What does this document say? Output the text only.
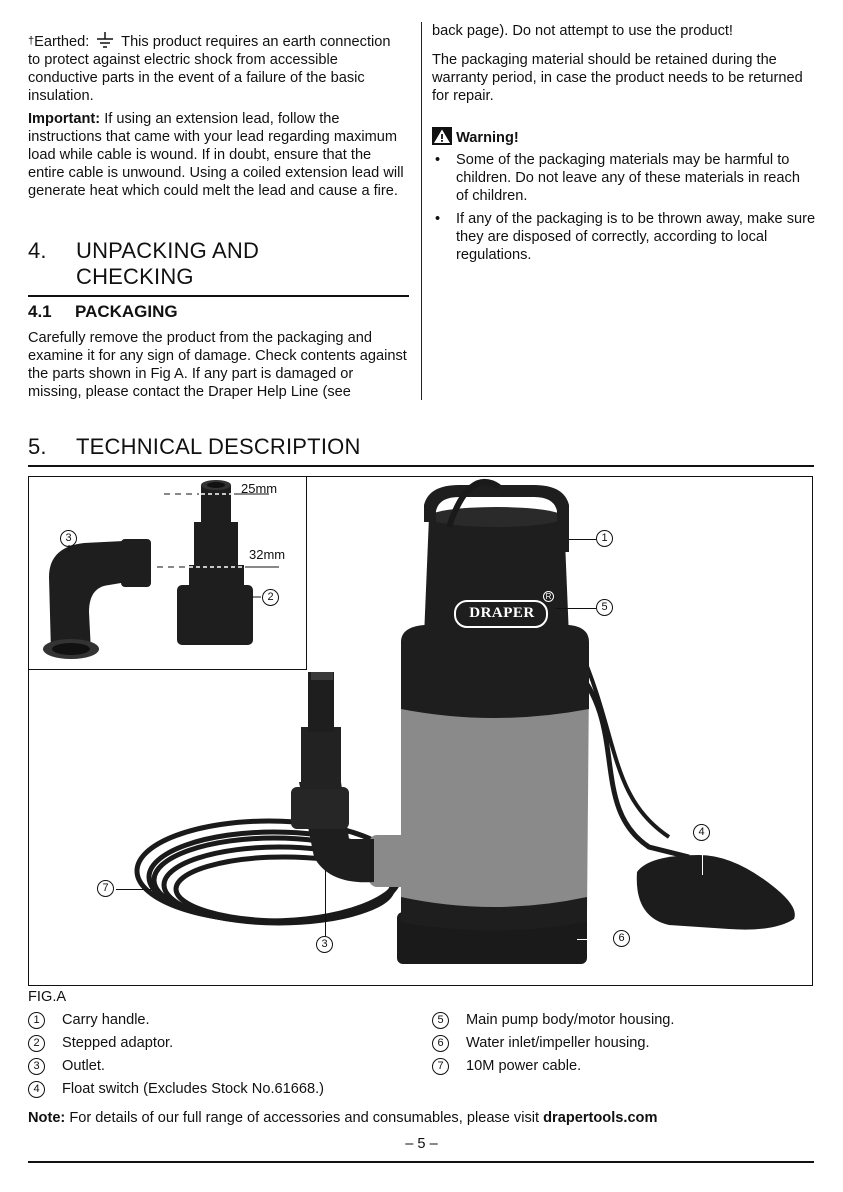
†Earthed: This product requires an earth connection to protect against electric shock from accessible conductive parts in the event of a failure of the basic insulation.

Important: If using an extension lead, follow the instructions that came with your lead regarding maximum load while cable is wound. If in doubt, ensure that the entire cable is unwound. Using a coiled extension lead will generate heat which could melt the lead and cause a fire.

4. UNPACKING AND
CHECKING
4.1 PACKAGING

Carefully remove the product from the packaging and examine it for any sign of damage. Check contents against the parts shown in Fig A. If any part is damaged or missing, please contact the Draper Help Line (see

back page). Do not attempt to use the product!

The packaging material should be retained during the warranty period, in case the product needs to be returned for repair.

Warning!
• Some of the packaging materials may be harmful to children. Do not leave any of these materials in reach of children.
• If any of the packaging is to be thrown away, make sure they are disposed of correctly, according to local regulations.
5. TECHNICAL DESCRIPTION
25mm
32mm
3
2
DRAPER
R
1
5
4
6
7
3
FIG.A
1	Carry handle.
2	Stepped adaptor.
3	Outlet.
4	Float switch (Excludes Stock No.61668.)
5	Main pump body/motor housing.
6	Water inlet/impeller housing.
7	10M power cable.

Note: For details of our full range of accessories and consumables, please visit drapertools.com

– 5 –
